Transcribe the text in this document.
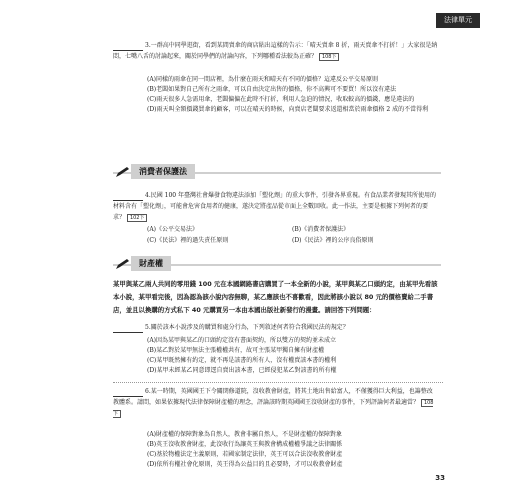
法律單元
3.一群高中同學逛街，看到某間賣傘的商店貼出這樣的告示：「晴天賣傘 8 折，雨天賣傘不打折！」大家很是納悶，七嘴八舌的討論起來，關於同學們的討論內容，下列哪種看法較為正確？ 108下
(A)同樣的雨傘在同一間店裡，為什麼在雨天和晴天有不同的價格？這違反公平交易原則
(B)老闆如果對自己所有之雨傘，可以自由決定出售的價格，你不高興可不要買！所以沒有違法
(C)雨天很多人急需用傘，老闆偏偏在此時不打折，利用人急迫的情況，收取較高的價錢，應是違法的
(D)雨天叫全額價錢買傘的顧客，可以在晴天的時候，向賣店老闆要求返還相當於雨傘價格 2 成的不當得利
消費者保護法
4.民國 100 年臺灣社會爆發食物違法添加「塑化劑」的重大事件，引發各界重視。有食品業者發現其所使用的材料含有「塑化劑」，可能會危害食用者的健康，遂決定將產品從市面上全數回收。此一作法，主要是根據下列何者的要求？ 102下
(A)《公平交易法》	(B)《消費者保護法》
(C)《民法》裡的過失責任原則	(D)《民法》裡的公序良俗原則
財產權
某甲與某乙兩人共同的零用錢 100 元在本國網路書店購買了一本全新的小說，某甲與某乙口頭約定，由某甲先看該本小說，某甲看完後，因為認為該小說內容無聊，某乙應該也不喜歡看，因此將該小說以 80 元的價格賣給二手書店，並且以換購的方式私下 40 元購買另一本由本國出版社新發行的漫畫。請回答下列問題：
5.關於該本小說涉及的購買和處分行為，下列敘述何者符合我國民法的規定？
(A)因為某甲與某乙的口頭約定沒有書面契約，所以雙方的契約並未成立
(B)某乙對於某甲無法主張權權共有，故可主張某甲獨自擁有財產權
(C)某甲既然擁有約定，就不再是該書的所有人，沒有權賣該本書的權利
(D)某甲未經某乙同意即逕自賣出該本書，已經侵犯某乙對該書的所有權
6.某一時期，英國國王下令關閉修道院，沒收教會財產，將其土地出售給富人，不僅獲得巨大利益，也籌整改教體系。請問，如果依據現代法律保障財產權的理念，評論該時期英國國王沒收財產的事件，下列評論何者最適當？ 108下
(A)財產權的保障對象為自然人，教會非屬自然人，不是財產權的保障對象
(B)英王沒收教會財產，此沒收行為讓英王與教會構成權權爭議之法律關係
(C)基於物權法定主義原則，若國家制定法律，英王可以合法沒收教會財產
(D)依所有權社會化原則，英王得為公益目的且必要時，才可以收教會財產
33
